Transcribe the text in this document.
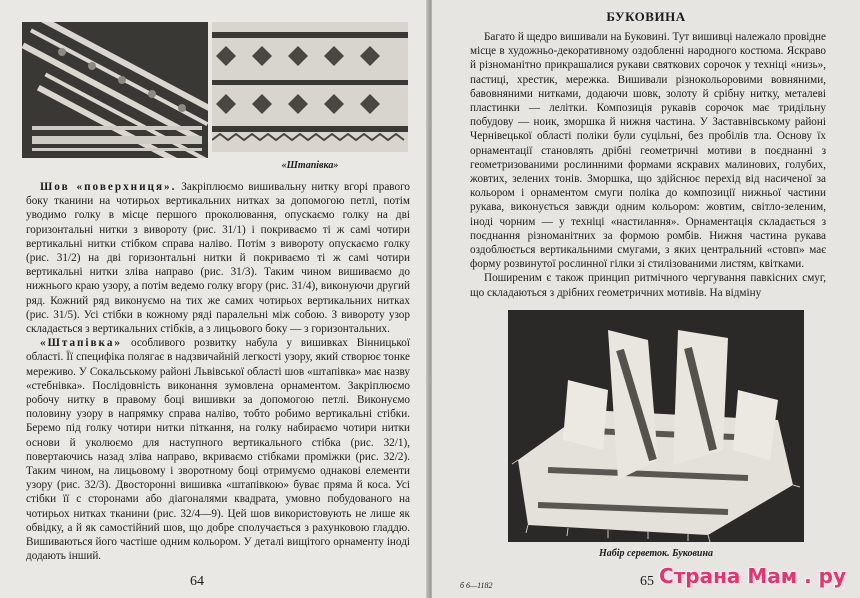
«Штапівка»

Шов «поверхниця». Закріплюємо вишивальну нитку вгорі правого боку тканини на чотирьох вертикальних нитках за допомогою петлі, потім уводимо голку в місце першого проколювання, опускаємо голку на дві горизонтальні нитки з вивороту (рис. 31/1) і покриваємо ті ж самі чотири вертикальні нитки стібком справа наліво. Потім з вивороту опускаємо голку (рис. 31/2) на дві горизонтальні нитки й покриваємо ті ж самі чотири вертикальні нитки зліва направо (рис. 31/3). Таким чином вишиваємо до нижнього краю узору, а потім ведемо голку вгору (рис. 31/4), виконуючи другий ряд. Кожний ряд виконуємо на тих же самих чотирьох вертикальних нитках (рис. 31/5). Усі стібки в кожному ряді паралельні між собою. З вивороту узор складається з вертикальних стібків, а з лицьового боку — з горизонтальних.

«Штапівка» особливого розвитку набула у вишивках Вінницької області. Її специфіка полягає в надзвичайній легкості узору, який створює тонке мереживо. У Сокальському районі Львівської області шов «штапівка» має назву «стебнівка». Послідовність виконання зумовлена орнаментом. Закріплюємо робочу нитку в правому боці вишивки за допомогою петлі. Виконуємо половину узору в напрямку справа наліво, тобто робимо вертикальні стібки. Беремо під голку чотири нитки піткання, на голку набираємо чотири нитки основи й уколюємо для наступного вертикального стібка (рис. 32/1), повертаючись назад зліва направо, вкриваємо стібками проміжки (рис. 32/2). Таким чином, на лицьовому і зворотному боці отримуємо однакові елементи узору (рис. 32/3). Двосторонні вишивка «штапівкою» буває пряма й коса. Усі стібки її с сторонами або діагоналями квадрата, умовно побудованого на чотирьох нитках тканини (рис. 32/4—9). Цей шов використовують не лише як обвідку, а й як самостійний шов, що добре сполучається з рахунковою гладдю. Вишиваються його частіше одним кольором. У деталі вищітого орнаменту іноді додають інший.

64
БУКОВИНА

Багато й щедро вишивали на Буковині. Тут вишивці належало провідне місце в художньо-декоративному оздобленні народного костюма. Яскраво й різноманітно прикрашалися рукави святкових сорочок у техніці «низь», пастиці, хрестик, мережка. Вишивали різнокольоровими вовняними, бавовняними нитками, додаючи шовк, золоту й срібну нитку, металеві пластинки — лелітки. Композиція рукавів сорочок має тридільну побудову — ноик, змoршка й нижня частина. У Заставнівському районі Чернівецької області поліки були суцільні, без пробілів тла. Основу їх орнаментації становлять дрібні геометричні мотиви в поєднанні з геометризованими рослинними формами яскравих малинових, голубих, жовтих, зелених тонів. Змoршка, що здійснює перехід від насиченої за кольором і орнаментом смуги поліка до композиції нижньої частини рукава, виконується завжди одним кольором: жовтим, світло-зеленим, іноді чорним — у техніці «настилання». Орнаментація складається з поєднання різноманітних за формою ромбів. Нижня частина рукава оздоблюється вертикальними смугами, з яких центральний «стовп» має форму розвинутої рослинної гілки зі стилізованими листям, квітками.

Поширеним є також принцип ритмічного чергування павкісних смуг, що складаються з дрібних геометричних мотивів. На відміну

Набір серветок. Буковина
б 6—1182	65 Страна Мам . ру
